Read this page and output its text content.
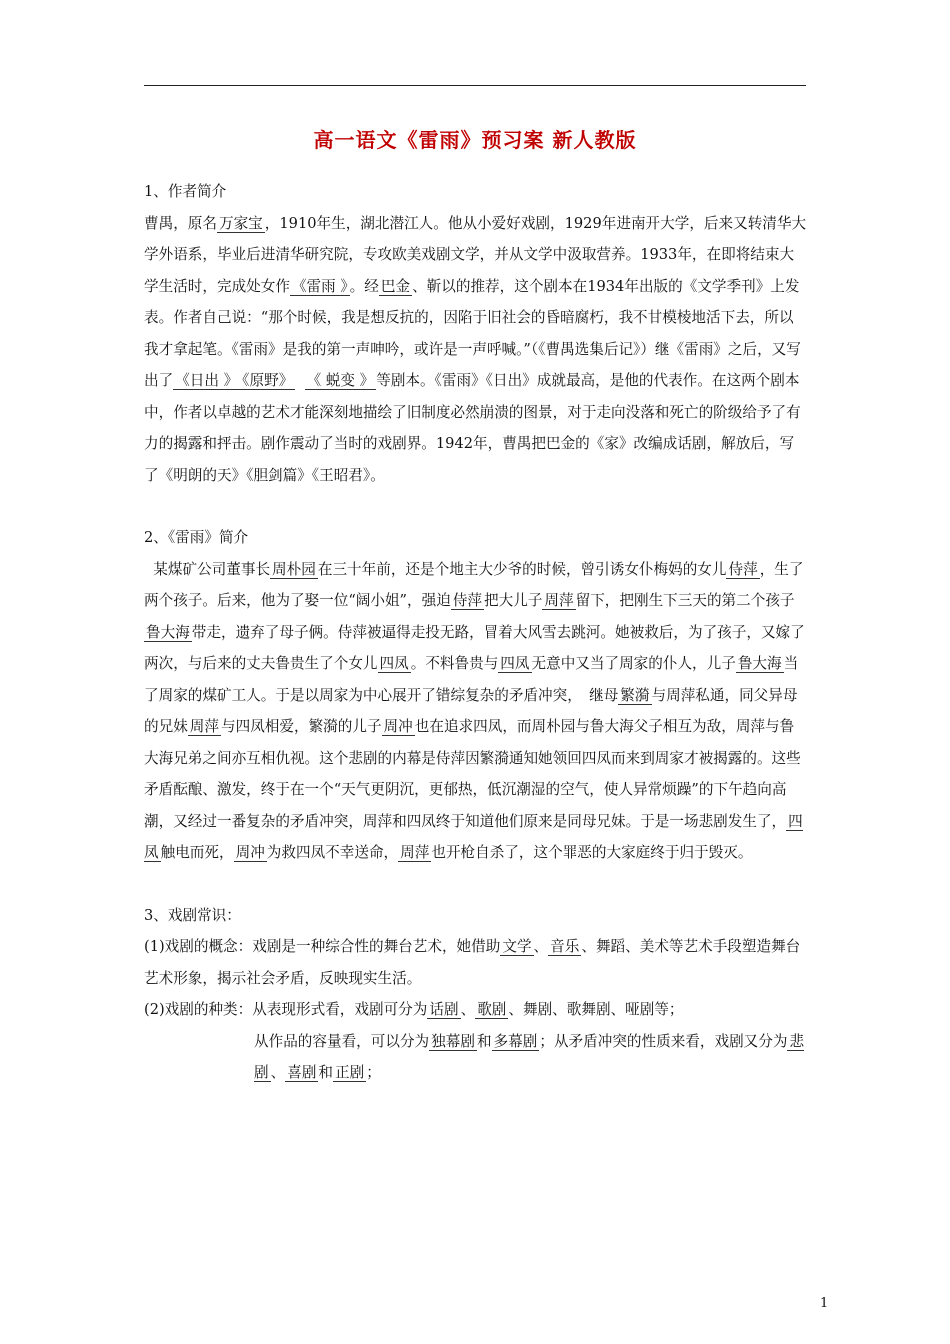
高一语文《雷雨》预习案 新人教版

1、作者简介

曹禺，原名 万家宝 ，1910年生，湖北潜江人。他从小爱好戏剧，1929年进南开大学，后来又转清华大学外语系，毕业后进清华研究院，专攻欧美戏剧文学，并从文学中汲取营养。1933年，在即将结束大学生活时，完成处女作 《雷雨 》 。经 巴金 、靳以的推荐，这个剧本在1934年出版的《文学季刊》上发表。作者自己说：“那个时候，我是想反抗的，因陷于旧社会的昏暗腐朽，我不甘模棱地活下去，所以我才拿起笔。《雷雨》是我的第一声呻吟，或许是一声呼喊。”（《曹禺选集后记》）继《雷雨》之后，又写出了 《日出 》 《原野》 《 蜕变 》 等剧本。《雷雨》《日出》成就最高，是他的代表作。在这两个剧本中，作者以卓越的艺术才能深刻地描绘了旧制度必然崩溃的图景，对于走向没落和死亡的阶级给予了有力的揭露和抨击。剧作震动了当时的戏剧界。1942年，曹禺把巴金的《家》改编成话剧，解放后，写了《明朗的天》《胆剑篇》《王昭君》。

2、《雷雨》简介

某煤矿公司董事长 周朴园 在三十年前，还是个地主大少爷的时候，曾引诱女仆梅妈的女儿 侍萍 ，生了两个孩子。后来，他为了娶一位“阔小姐”，强迫 侍萍 把大儿子 周萍 留下，把刚生下三天的第二个孩子鲁大海 带走，遗弃了母子俩。侍萍被逼得走投无路，冒着大风雪去跳河。她被救后，为了孩子，又嫁了两次，与后来的丈夫鲁贵生了个女儿 四凤 。不料鲁贵与 四凤 无意中又当了周家的仆人，儿子 鲁大海 当了周家的煤矿工人。于是以周家为中心展开了错综复杂的矛盾冲突，　继母 繁漪 与周萍私通，同父异母的兄妹 周萍 与四凤相爱，繁漪的儿子 周冲 也在追求四凤，而周朴园与鲁大海父子相互为敌，周萍与鲁大海兄弟之间亦互相仇视。这个悲剧的内幕是侍萍因繁漪通知她领回四凤而来到周家才被揭露的。这些矛盾酝酿、激发，终于在一个“天气更阴沉，更郁热，低沉潮湿的空气，使人异常烦躁”的下午趋向高潮，又经过一番复杂的矛盾冲突，周萍和四凤终于知道他们原来是同母兄妹。于是一场悲剧发生了， 四凤 触电而死， 周冲 为救四凤不幸送命， 周萍 也开枪自杀了，这个罪恶的大家庭终于归于毁灭。

3、戏剧常识：

(1)戏剧的概念：戏剧是一种综合性的舞台艺术，她借助 文学 、 音乐 、舞蹈、美术等艺术手段塑造舞台艺术形象，揭示社会矛盾，反映现实生活。

(2)戏剧的种类：从表现形式看，戏剧可分为 话剧 、 歌剧 、舞剧、歌舞剧、哑剧等；

从作品的容量看，可以分为 独幕剧 和 多幕剧 ；从矛盾冲突的性质来看，戏剧又分为 悲剧 、 喜剧 和 正剧 ；

1
